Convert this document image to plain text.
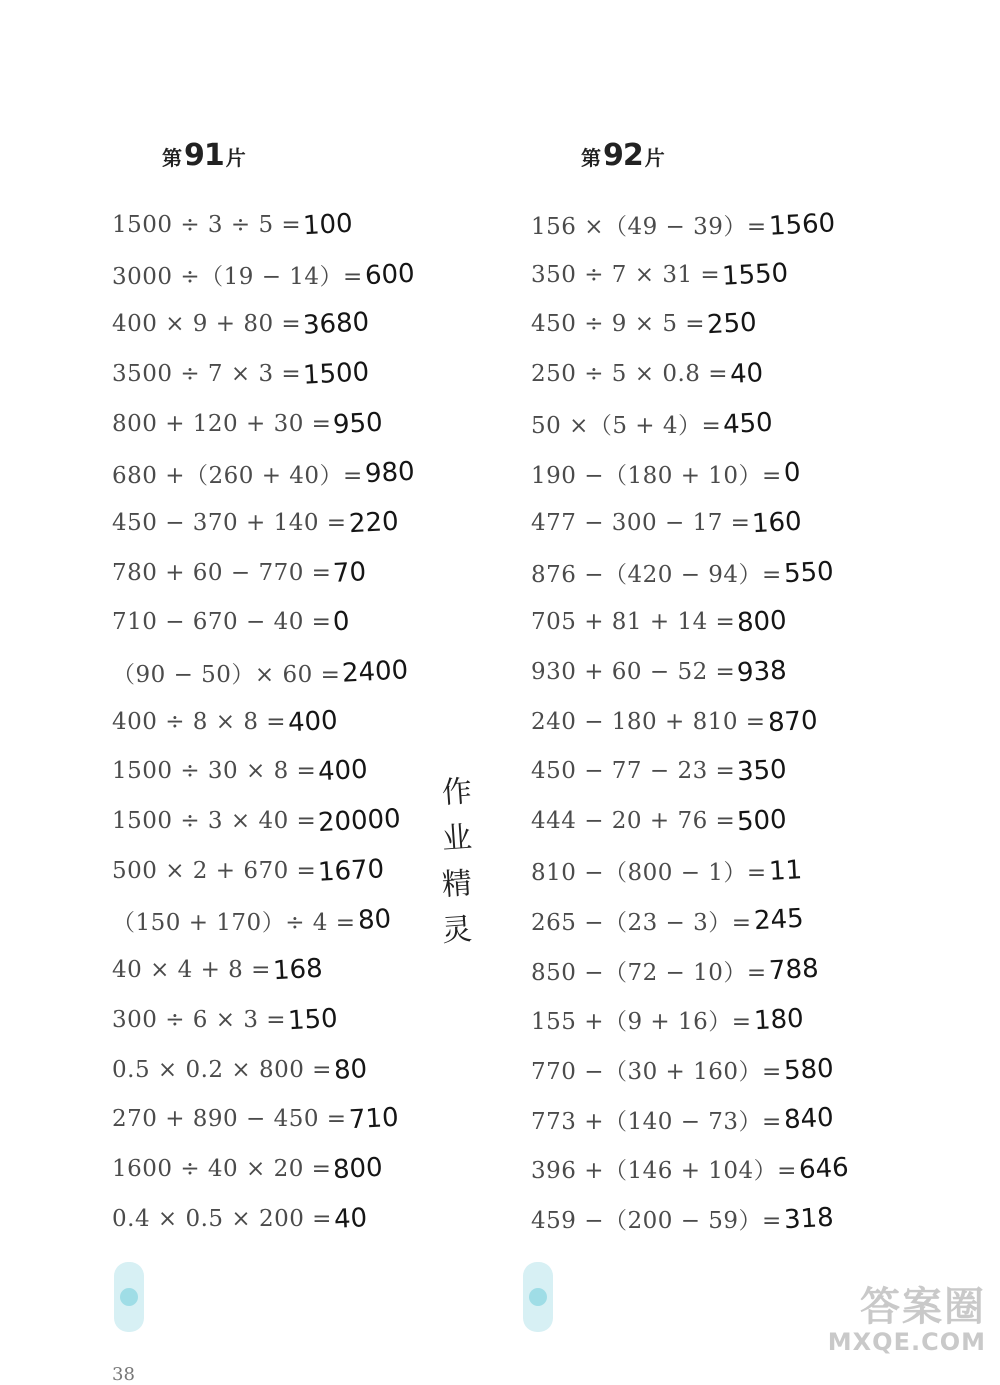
第 91 片	第 92 片
1500 ÷ 3 ÷ 5 = 100
3000 ÷（19 − 14）= 600
400 × 9 + 80 = 3680
3500 ÷ 7 × 3 = 1500
800 + 120 + 30 = 950
680 +（260 + 40）= 980
450 − 370 + 140 = 220
780 + 60 − 770 = 70
710 − 670 − 40 = 0
（90 − 50）× 60 = 2400
400 ÷ 8 × 8 = 400
1500 ÷ 30 × 8 = 400
1500 ÷ 3 × 40 = 20000
500 × 2 + 670 = 1670
（150 + 170）÷ 4 = 80
40 × 4 + 8 = 168
300 ÷ 6 × 3 = 150
0.5 × 0.2 × 800 = 80
270 + 890 − 450 = 710
1600 ÷ 40 × 20 = 800
0.4 × 0.5 × 200 = 40
156 ×（49 − 39）= 1560
350 ÷ 7 × 31 = 1550
450 ÷ 9 × 5 = 250
250 ÷ 5 × 0.8 = 40
50 ×（5 + 4）= 450
190 −（180 + 10）= 0
477 − 300 − 17 = 160
876 −（420 − 94）= 550
705 + 81 + 14 = 800
930 + 60 − 52 = 938
240 − 180 + 810 = 870
450 − 77 − 23 = 350
444 − 20 + 76 = 500
810 −（800 − 1）= 11
265 −（23 − 3）= 245
850 −（72 − 10）= 788
155 +（9 + 16）= 180
770 −（30 + 160）= 580
773 +（140 − 73）= 840
396 +（146 + 104）= 646
459 −（200 − 59）= 318
作
业
精
灵
38
答案圈
MXQE.COM
